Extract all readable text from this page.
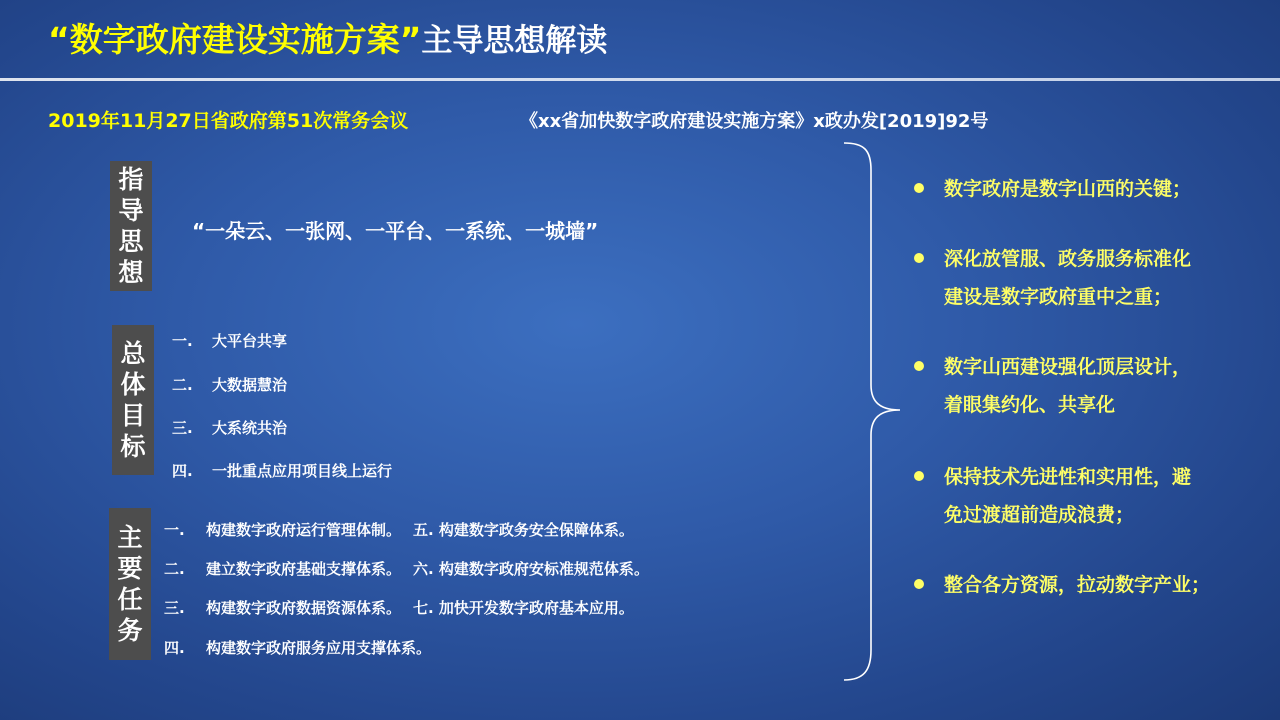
“数字政府建设实施方案”主导思想解读
2019年11月27日省政府第51次常务会议	《xx省加快数字政府建设实施方案》x政办发[2019]92号
指
导
思
想
总
体
目
标
主
要
任
务
“一朵云、一张网、一平台、一系统、一城墙”
一. 大平台共享
二. 大数据慧治
三. 大系统共治
四. 一批重点应用项目线上运行
一. 构建数字政府运行管理体制。 五. 构建数字政务安全保障体系。
二. 建立数字政府基础支撑体系。 六. 构建数字政府安标准规范体系。
三. 构建数字政府数据资源体系。 七. 加快开发数字政府基本应用。
四. 构建数字政府服务应用支撑体系。
数字政府是数字山西的关键；
深化放管服、政务服务标准化
建设是数字政府重中之重；
数字山西建设强化顶层设计，
着眼集约化、共享化
保持技术先进性和实用性，避
免过渡超前造成浪费；
整合各方资源，拉动数字产业；
